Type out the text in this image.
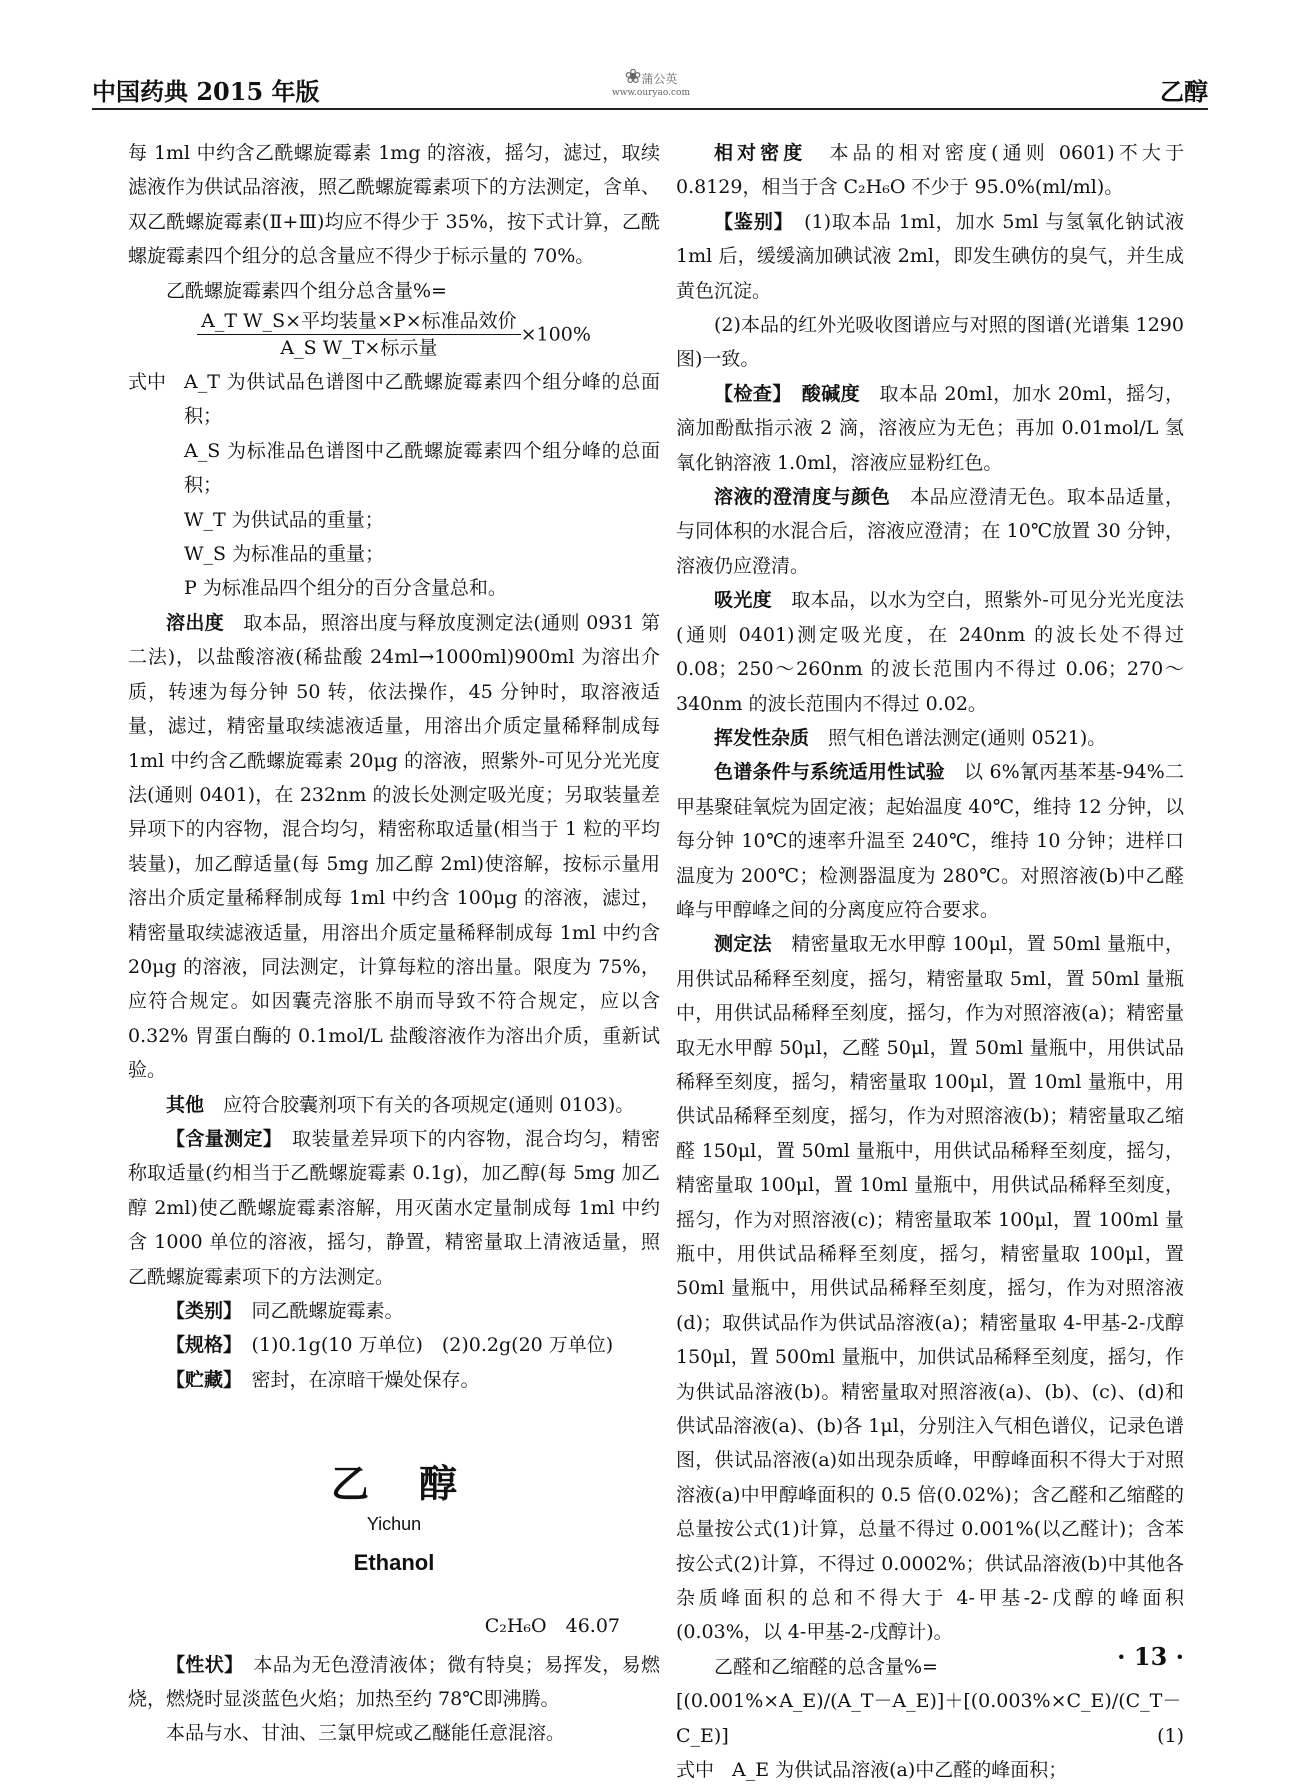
中国药典 2015 年版
❀蒲公英
www.ouryao.com	乙醇

每 1ml 中约含乙酰螺旋霉素 1mg 的溶液，摇匀，滤过，取续滤液作为供试品溶液，照乙酰螺旋霉素项下的方法测定，含单、双乙酰螺旋霉素(Ⅱ+Ⅲ)均应不得少于 35%，按下式计算，乙酰螺旋霉素四个组分的总含量应不得少于标示量的 70%。

乙酰螺旋霉素四个组分总含量%=

$\frac{\text{A\_T W\_S×平均装量×P×标准品效价}}{\text{A\_S W\_T×标示量}} \times 100\%$
式中 A_T 为供试品色谱图中乙酰螺旋霉素四个组分峰的总面积；
A_S 为标准品色谱图中乙酰螺旋霉素四个组分峰的总面积；
W_T 为供试品的重量；
W_S 为标准品的重量；
P 为标准品四个组分的百分含量总和。

溶出度　 取本品，照溶出度与释放度测定法(通则 0931 第二法)，以盐酸溶液(稀盐酸 24ml→1000ml)900ml 为溶出介质，转速为每分钟 50 转，依法操作，45 分钟时，取溶液适量，滤过，精密量取续滤液适量，用溶出介质定量稀释制成每 1ml 中约含乙酰螺旋霉素 20μg 的溶液，照紫外-可见分光光度法(通则 0401)，在 232nm 的波长处测定吸光度；另取装量差异项下的内容物，混合均匀，精密称取适量(相当于 1 粒的平均装量)，加乙醇适量(每 5mg 加乙醇 2ml)使溶解，按标示量用溶出介质定量稀释制成每 1ml 中约含 100μg 的溶液，滤过，精密量取续滤液适量，用溶出介质定量稀释制成每 1ml 中约含 20μg 的溶液，同法测定，计算每粒的溶出量。限度为 75%，应符合规定。如因囊壳溶胀不崩而导致不符合规定，应以含 0.32% 胃蛋白酶的 0.1mol/L 盐酸溶液作为溶出介质，重新试验。

其他　 应符合胶囊剂项下有关的各项规定(通则 0103)。

【含量测定】　 取装量差异项下的内容物，混合均匀，精密称取适量(约相当于乙酰螺旋霉素 0.1g)，加乙醇(每 5mg 加乙醇 2ml)使乙酰螺旋霉素溶解，用灭菌水定量制成每 1ml 中约含 1000 单位的溶液，摇匀，静置，精密量取上清液适量，照乙酰螺旋霉素项下的方法测定。

【类别】　 同乙酰螺旋霉素。

【规格】　 (1)0.1g(10 万单位)　(2)0.2g(20 万单位)

【贮藏】　 密封，在凉暗干燥处保存。

乙醇
Yichun
Ethanol
C₂H₆O　46.07

【性状】　 本品为无色澄清液体；微有特臭；易挥发，易燃烧，燃烧时显淡蓝色火焰；加热至约 78℃即沸腾。

本品与水、甘油、三氯甲烷或乙醚能任意混溶。

相对密度　 本品的相对密度(通则 0601)不大于 0.8129，相当于含 C₂H₆O 不少于 95.0%(ml/ml)。

【鉴别】　 (1)取本品 1ml，加水 5ml 与氢氧化钠试液 1ml 后，缓缓滴加碘试液 2ml，即发生碘仿的臭气，并生成黄色沉淀。

(2)本品的红外光吸收图谱应与对照的图谱(光谱集 1290 图)一致。

【检查】　 酸碱度　 取本品 20ml，加水 20ml，摇匀，滴加酚酞指示液 2 滴，溶液应为无色；再加 0.01mol/L 氢氧化钠溶液 1.0ml，溶液应显粉红色。

溶液的澄清度与颜色　 本品应澄清无色。取本品适量，与同体积的水混合后，溶液应澄清；在 10℃放置 30 分钟，溶液仍应澄清。

吸光度　 取本品，以水为空白，照紫外-可见分光光度法(通则 0401)测定吸光度，在 240nm 的波长处不得过 0.08；250～260nm 的波长范围内不得过 0.06；270～340nm 的波长范围内不得过 0.02。

挥发性杂质　 照气相色谱法测定(通则 0521)。

色谱条件与系统适用性试验　 以 6%氰丙基苯基-94%二甲基聚硅氧烷为固定液；起始温度 40℃，维持 12 分钟，以每分钟 10℃的速率升温至 240℃，维持 10 分钟；进样口温度为 200℃；检测器温度为 280℃。对照溶液(b)中乙醛峰与甲醇峰之间的分离度应符合要求。

测定法　 精密量取无水甲醇 100μl，置 50ml 量瓶中，用供试品稀释至刻度，摇匀，精密量取 5ml，置 50ml 量瓶中，用供试品稀释至刻度，摇匀，作为对照溶液(a)；精密量取无水甲醇 50μl，乙醛 50μl，置 50ml 量瓶中，用供试品稀释至刻度，摇匀，精密量取 100μl，置 10ml 量瓶中，用供试品稀释至刻度，摇匀，作为对照溶液(b)；精密量取乙缩醛 150μl，置 50ml 量瓶中，用供试品稀释至刻度，摇匀，精密量取 100μl，置 10ml 量瓶中，用供试品稀释至刻度，摇匀，作为对照溶液(c)；精密量取苯 100μl，置 100ml 量瓶中，用供试品稀释至刻度，摇匀，精密量取 100μl，置 50ml 量瓶中，用供试品稀释至刻度，摇匀，作为对照溶液(d)；取供试品作为供试品溶液(a)；精密量取 4-甲基-2-戊醇 150μl，置 500ml 量瓶中，加供试品稀释至刻度，摇匀，作为供试品溶液(b)。精密量取对照溶液(a)、(b)、(c)、(d)和供试品溶液(a)、(b)各 1μl，分别注入气相色谱仪，记录色谱图，供试品溶液(a)如出现杂质峰，甲醇峰面积不得大于对照溶液(a)中甲醇峰面积的 0.5 倍(0.02%)；含乙醛和乙缩醛的总量按公式(1)计算，总量不得过 0.001%(以乙醛计)；含苯按公式(2)计算，不得过 0.0002%；供试品溶液(b)中其他各杂质峰面积的总和不得大于 4-甲基-2-戊醇的峰面积(0.03%，以 4-甲基-2-戊醇计)。

乙醛和乙缩醛的总含量%=

[(0.001%×A_E)/(A_T－A_E)]＋[(0.003%×C_E)/(C_T－
C_E)]	(1)
式中 A_E 为供试品溶液(a)中乙醛的峰面积；
· 13 ·
